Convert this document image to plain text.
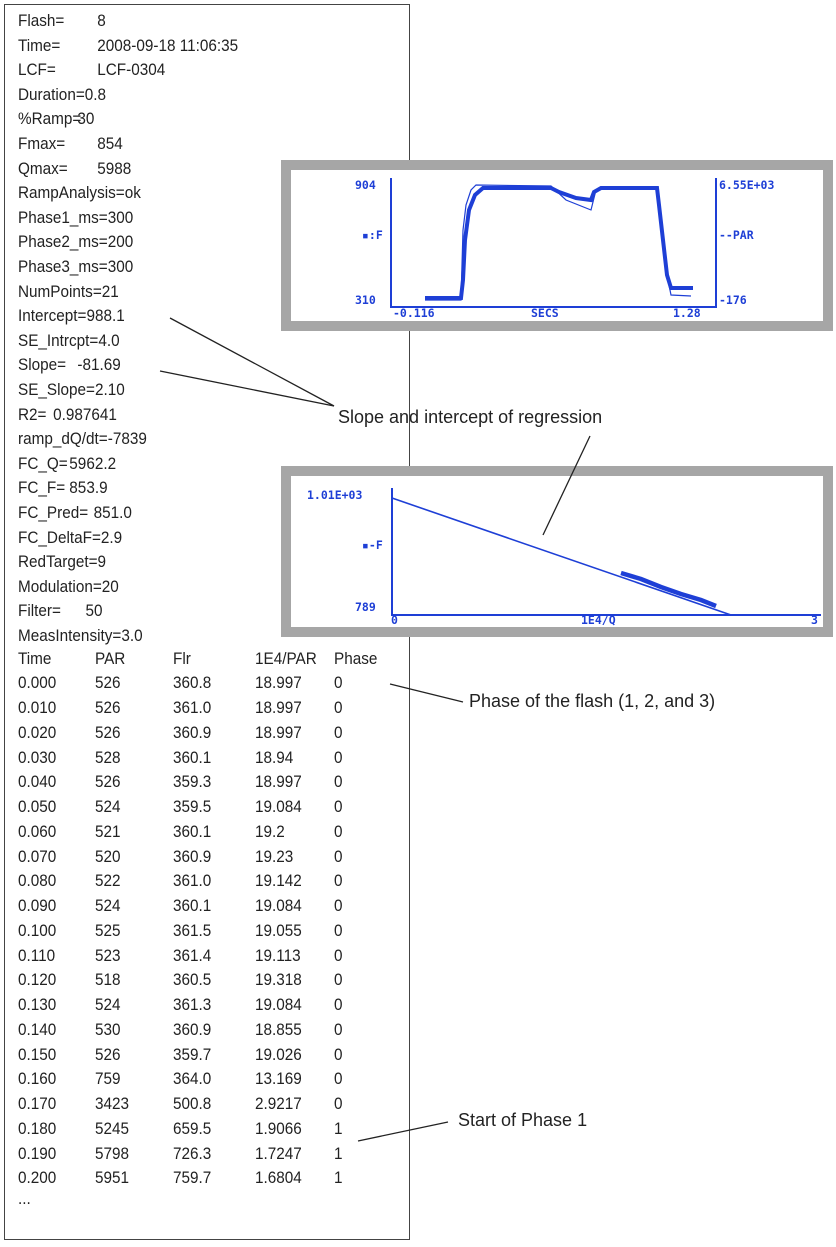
Flash= 8
Time= 2008-09-18 11:06:35
LCF= LCF-0304
Duration=0.8
%Ramp=30
Fmax= 854
Qmax= 5988
RampAnalysis=ok
Phase1_ms=300
Phase2_ms=200
Phase3_ms=300
NumPoints=21
Intercept=988.1
SE_Intrcpt=4.0
Slope= -81.69
SE_Slope=2.10
R2= 0.987641
ramp_dQ/dt=-7839
FC_Q=5962.2
FC_F= 853.9
FC_Pred= 851.0
FC_DeltaF=2.9
RedTarget=9
Modulation=20
Filter= 50
MeasIntensity=3.0
Time	PAR	Flr	1E4/PAR Phase
0.000 526	360.8	18.997 0
0.010 526	361.0	18.997 0
0.020 526	360.9	18.997 0
0.030 528	360.1	18.94 0
0.040 526	359.3	18.997 0
0.050 524	359.5	19.084 0
0.060 521	360.1	19.2	0
0.070 520	360.9	19.23 0
0.080 522	361.0	19.142 0
0.090 524	360.1	19.084 0
0.100 525	361.5	19.055 0
0.110 523	361.4	19.113 0
0.120 518	360.5	19.318 0
0.130 524	361.3	19.084 0
0.140 530	360.9	18.855 0
0.150 526	359.7	19.026 0
0.160 759	364.0	13.169 0
0.170 3423	500.8	2.9217 0
0.180 5245	659.5	1.9066 1
0.190 5798	726.3	1.7247 1
0.200 5951	759.7	1.6804 1
...
904
▪:F
310
6.55E+03
--PAR
-176
-0.116	SECS	1.28
1.01E+03
▪-F
789
0	1E4/Q	3
Slope and intercept of regression
Phase of the flash (1, 2, and 3)
Start of Phase 1
